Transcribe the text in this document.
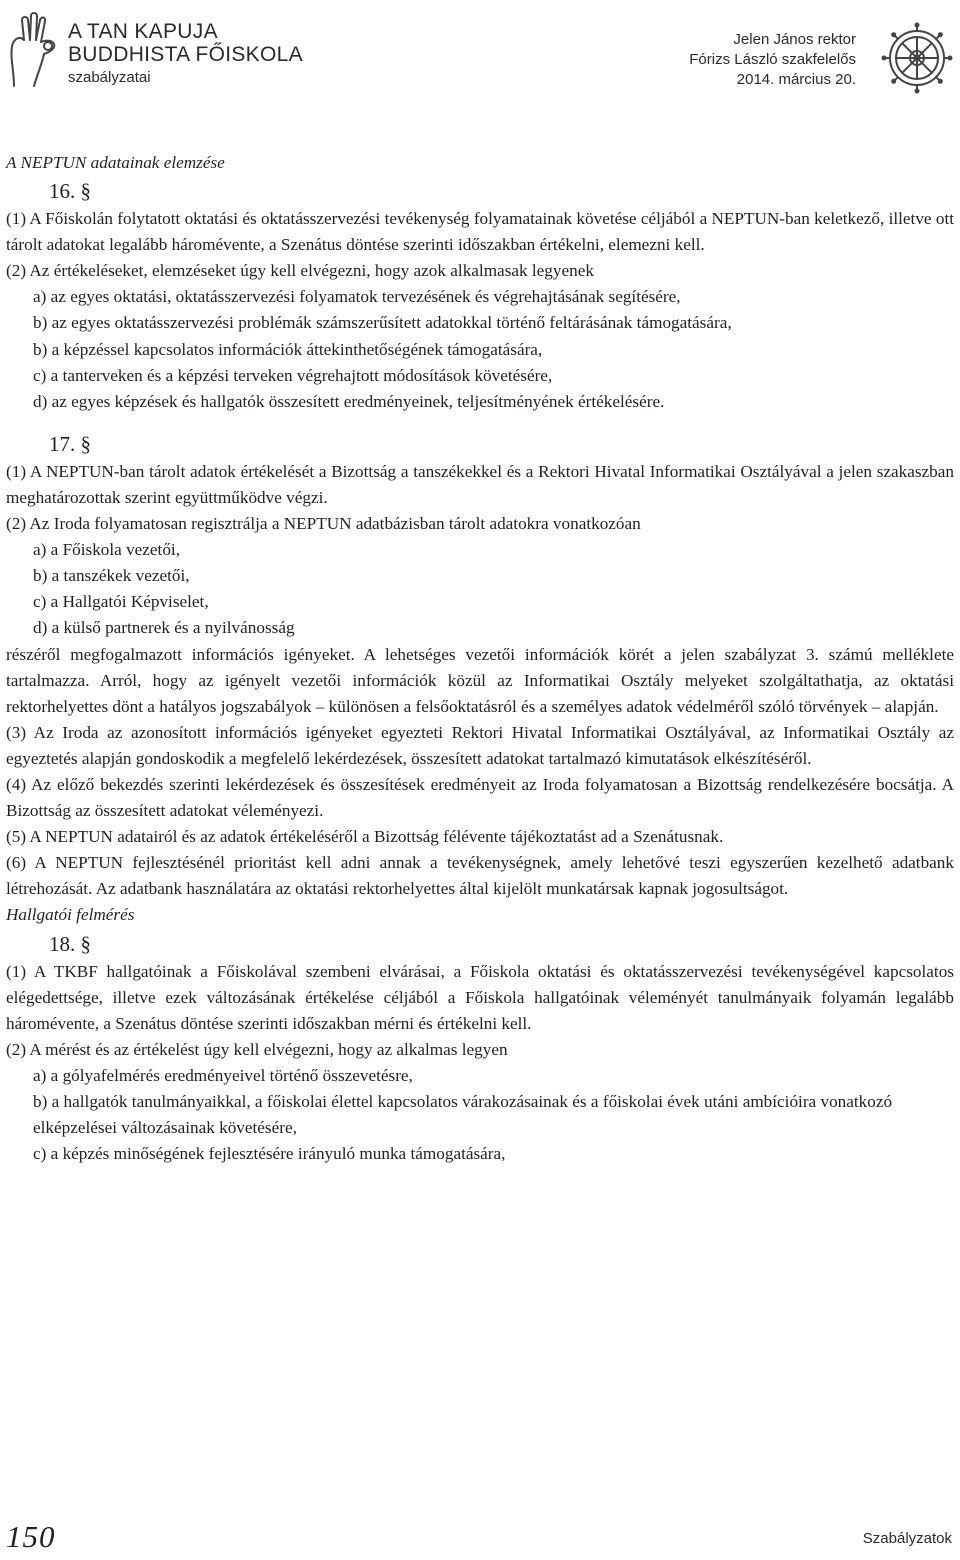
A TAN KAPUJA
BUDDHISTA FŐISKOLA
szabályzatai
Jelen János rektor
Fórizs László szakfelelős
2014. március 20.

A NEPTUN adatainak elemzése

16. §

(1) A Főiskolán folytatott oktatási és oktatásszervezési tevékenység folyamatainak követése céljából a NEPTUN-ban keletkező, illetve ott tárolt adatokat legalább háromévente, a Szenátus döntése szerinti időszakban értékelni, elemezni kell.

(2) Az értékeléseket, elemzéseket úgy kell elvégezni, hogy azok alkalmasak legyenek

a) az egyes oktatási, oktatásszervezési folyamatok tervezésének és végrehajtásának segítésére,

b) az egyes oktatásszervezési problémák számszerűsített adatokkal történő feltárásának támogatására,

b) a képzéssel kapcsolatos információk áttekinthetőségének támogatására,

c) a tanterveken és a képzési terveken végrehajtott módosítások követésére,

d) az egyes képzések és hallgatók összesített eredményeinek, teljesítményének értékelésére.

17. §

(1) A NEPTUN-ban tárolt adatok értékelését a Bizottság a tanszékekkel és a Rektori Hivatal Informatikai Osztályával a jelen szakaszban meghatározottak szerint együttműködve végzi.

(2) Az Iroda folyamatosan regisztrálja a NEPTUN adatbázisban tárolt adatokra vonatkozóan

a) a Főiskola vezetői,

b) a tanszékek vezetői,

c) a Hallgatói Képviselet,

d) a külső partnerek és a nyilvánosság

részéről megfogalmazott információs igényeket. A lehetséges vezetői információk körét a jelen szabályzat 3. számú melléklete tartalmazza. Arról, hogy az igényelt vezetői információk közül az Informatikai Osztály melyeket szolgáltathatja, az oktatási rektorhelyettes dönt a hatályos jogszabályok – különösen a felsőoktatásról és a személyes adatok védelméről szóló törvények – alapján.

(3) Az Iroda az azonosított információs igényeket egyezteti Rektori Hivatal Informatikai Osztályával, az Informatikai Osztály az egyeztetés alapján gondoskodik a megfelelő lekérdezések, összesített adatokat tartalmazó kimutatások elkészítéséről.

(4) Az előző bekezdés szerinti lekérdezések és összesítések eredményeit az Iroda folyamatosan a Bizottság rendelkezésére bocsátja. A Bizottság az összesített adatokat véleményezi.

(5) A NEPTUN adatairól és az adatok értékeléséről a Bizottság félévente tájékoztatást ad a Szenátusnak.

(6) A NEPTUN fejlesztésénél prioritást kell adni annak a tevékenységnek, amely lehetővé teszi egyszerűen kezelhető adatbank létrehozását. Az adatbank használatára az oktatási rektorhelyettes által kijelölt munkatársak kapnak jogosultságot.

Hallgatói felmérés

18. §

(1) A TKBF hallgatóinak a Főiskolával szembeni elvárásai, a Főiskola oktatási és oktatásszervezési tevékenységével kapcsolatos elégedettsége, illetve ezek változásának értékelése céljából a Főiskola hallgatóinak véleményét tanulmányaik folyamán legalább háromévente, a Szenátus döntése szerinti időszakban mérni és értékelni kell.

(2) A mérést és az értékelést úgy kell elvégezni, hogy az alkalmas legyen

a) a gólyafelmérés eredményeivel történő összevetésre,

b) a hallgatók tanulmányaikkal, a főiskolai élettel kapcsolatos várakozásainak és a főiskolai évek utáni ambícióira vonatkozó elképzelései változásainak követésére,

c) a képzés minőségének fejlesztésére irányuló munka támogatására,

150	Szabályzatok
